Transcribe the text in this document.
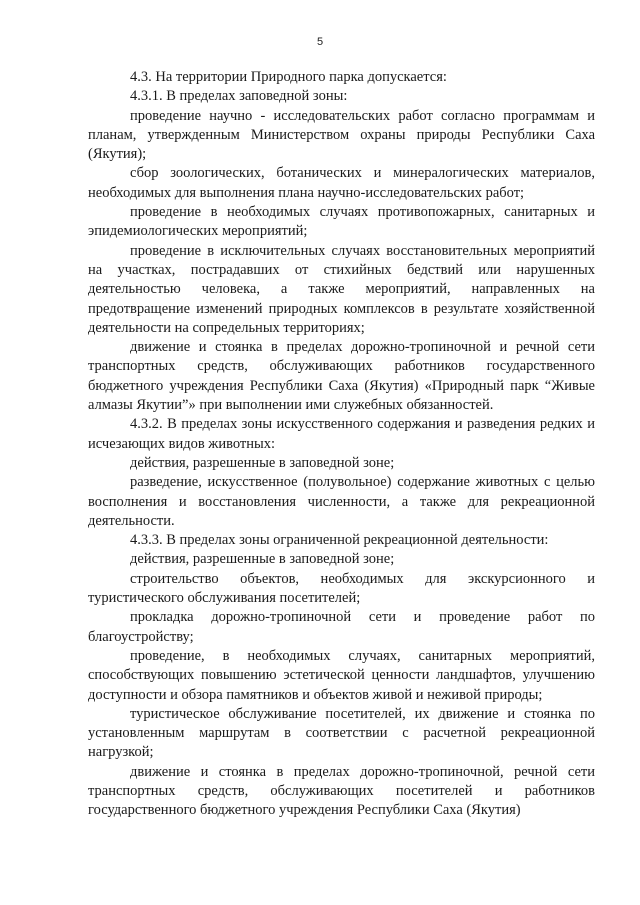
5

4.3. На территории Природного парка допускается:

4.3.1. В пределах заповедной зоны:

проведение научно - исследовательских работ согласно программам и планам, утвержденным Министерством охраны природы Республики Саха (Якутия);

сбор зоологических, ботанических и минералогических материалов, необходимых для выполнения плана научно-исследовательских работ;

проведение в необходимых случаях противопожарных, санитарных и эпидемиологических мероприятий;

проведение в исключительных случаях восстановительных мероприятий на участках, пострадавших от стихийных бедствий или нарушенных деятельностью человека, а также мероприятий, направленных на предотвращение изменений природных комплексов в результате хозяйственной деятельности на сопредельных территориях;

движение и стоянка в пределах дорожно-тропиночной и речной сети транспортных средств, обслуживающих работников государственного бюджетного учреждения Республики Саха (Якутия) «Природный парк “Живые алмазы Якутии”» при выполнении ими служебных обязанностей.

4.3.2. В пределах зоны искусственного содержания и разведения редких и исчезающих видов животных:

действия, разрешенные в заповедной зоне;

разведение, искусственное (полувольное) содержание животных с целью восполнения и восстановления численности, а также для рекреационной деятельности.

4.3.3. В пределах зоны ограниченной рекреационной деятельности:

действия, разрешенные в заповедной зоне;

строительство объектов, необходимых для экскурсионного и туристического обслуживания посетителей;

прокладка дорожно-тропиночной сети и проведение работ по благоустройству;

проведение, в необходимых случаях, санитарных мероприятий, способствующих повышению эстетической ценности ландшафтов, улучшению доступности и обзора памятников и объектов живой и неживой природы;

туристическое обслуживание посетителей, их движение и стоянка по установленным маршрутам в соответствии с расчетной рекреационной нагрузкой;

движение и стоянка в пределах дорожно-тропиночной, речной сети транспортных средств, обслуживающих посетителей и работников государственного бюджетного учреждения Республики Саха (Якутия)
